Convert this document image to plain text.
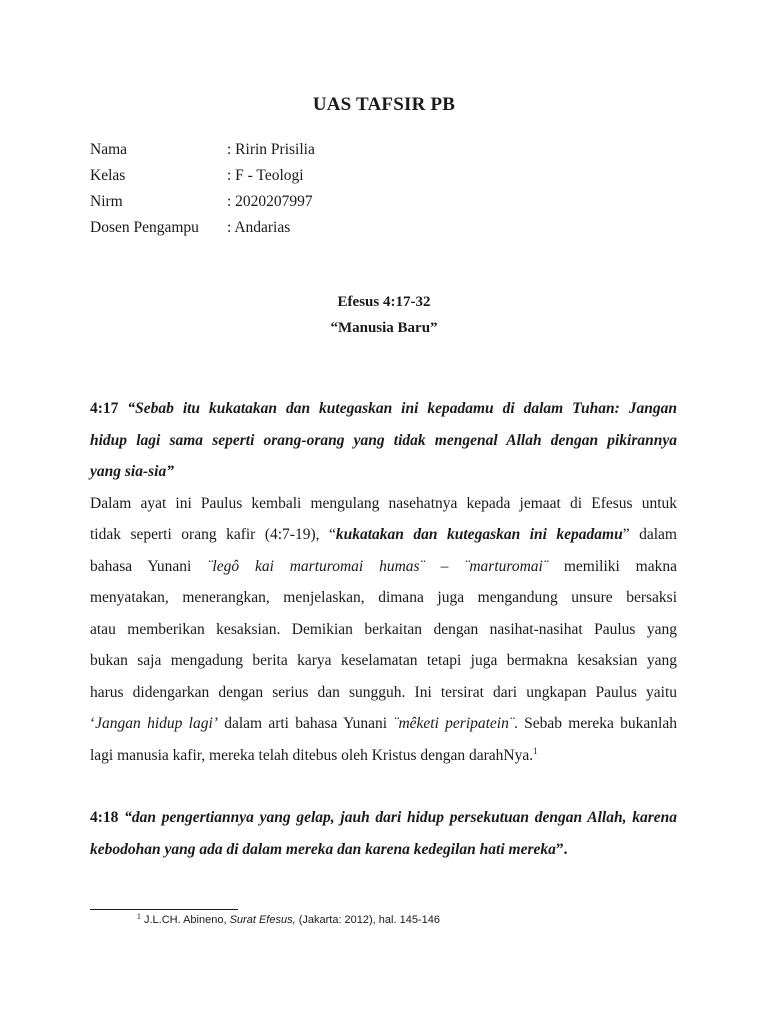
UAS TAFSIR PB
Nama	: Ririn Prisilia
Kelas	: F - Teologi
Nirm	: 2020207997
Dosen Pengampu : Andarias
Efesus 4:17-32
“Manusia Baru”
4:17 “Sebab itu kukatakan dan kutegaskan ini kepadamu di dalam Tuhan: Jangan
hidup lagi sama seperti orang-orang yang tidak mengenal Allah dengan pikirannya
yang sia-sia”
Dalam ayat ini Paulus kembali mengulang nasehatnya kepada jemaat di Efesus untuk
tidak seperti orang kafir (4:7-19), “kukatakan dan kutegaskan ini kepadamu” dalam
bahasa Yunani ¨legô kai marturomai humas¨ – ¨marturomai¨ memiliki makna
menyatakan, menerangkan, menjelaskan, dimana juga mengandung unsure bersaksi
atau memberikan kesaksian. Demikian berkaitan dengan nasihat-nasihat Paulus yang
bukan saja mengadung berita karya keselamatan tetapi juga bermakna kesaksian yang
harus didengarkan dengan serius dan sungguh. Ini tersirat dari ungkapan Paulus yaitu
‘Jangan hidup lagi’ dalam arti bahasa Yunani ¨mêketi peripatein¨. Sebab mereka bukanlah
lagi manusia kafir, mereka telah ditebus oleh Kristus dengan darahNya.$^1$
4:18 “dan pengertiannya yang gelap, jauh dari hidup persekutuan dengan Allah, karena
kebodohan yang ada di dalam mereka dan karena kedegilan hati mereka”.
$^1$ J.L.CH. Abineno, Surat Efesus, (Jakarta: 2012), hal. 145-146
